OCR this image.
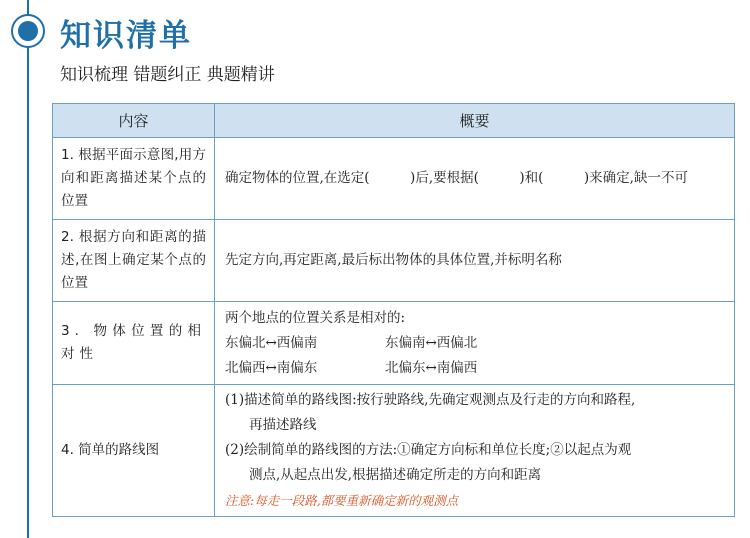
知识清单
知识梳理 错题纠正 典题精讲
内容	概要
1. 根据平面示意图,用方向和距离描述某个点的位置	确定物体的位置,在选定(　　　)后,要根据(　　　)和(　　　)来确定,缺一不可
2. 根据方向和距离的描述,在图上确定某个点的位置	先定方向,再定距离,最后标出物体的具体位置,并标明名称
3. 物体位置的相对性	两个地点的位置关系是相对的:
东偏北↔西偏南 东偏南↔西偏北
北偏西↔南偏东 北偏东↔南偏西

4. 简单的路线图	(1)描述简单的路线图:按行驶路线,先确定观测点及行走的方向和路程,
再描述路线
(2)绘制简单的路线图的方法:①确定方向标和单位长度;②以起点为观
测点,从起点出发,根据描述确定所走的方向和距离
注意:每走一段路,都要重新确定新的观测点
